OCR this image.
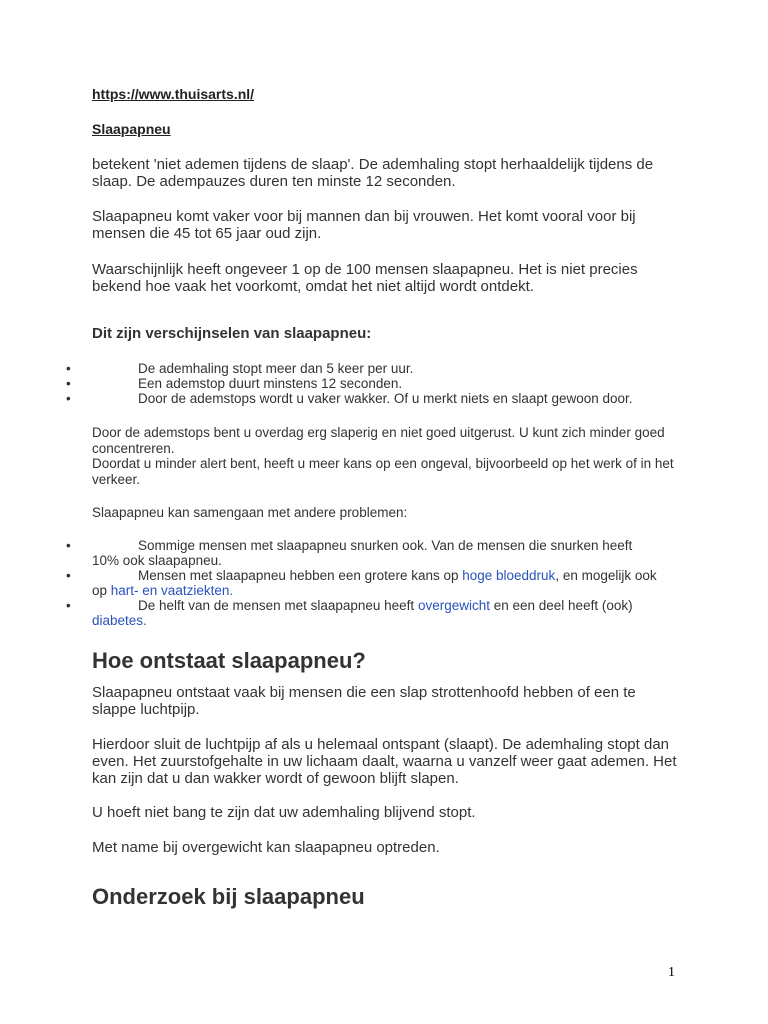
https://www.thuisarts.nl/

Slaapapneu

betekent 'niet ademen tijdens de slaap'. De ademhaling stopt herhaaldelijk tijdens de slaap. De adempauzes duren ten minste 12 seconden.

Slaapapneu komt vaker voor bij mannen dan bij vrouwen. Het komt vooral voor bij mensen die 45 tot 65 jaar oud zijn.

Waarschijnlijk heeft ongeveer 1 op de 100 mensen slaapapneu. Het is niet precies bekend hoe vaak het voorkomt, omdat het niet altijd wordt ontdekt.

Dit zijn verschijnselen van slaapapneu:

•	De ademhaling stopt meer dan 5 keer per uur.
•	Een ademstop duurt minstens 12 seconden.
•	Door de ademstops wordt u vaker wakker. Of u merkt niets en slaapt gewoon door.

Door de ademstops bent u overdag erg slaperig en niet goed uitgerust. U kunt zich minder goed concentreren.

Doordat u minder alert bent, heeft u meer kans op een ongeval, bijvoorbeeld op het werk of in het verkeer.

Slaapapneu kan samengaan met andere problemen:

•	Sommige mensen met slaapapneu snurken ook. Van de mensen die snurken heeft 10% ook slaapapneu.
•	Mensen met slaapapneu hebben een grotere kans op hoge bloeddruk, en mogelijk ook op hart- en vaatziekten.
•	De helft van de mensen met slaapapneu heeft overgewicht en een deel heeft (ook) diabetes.

Hoe ontstaat slaapapneu?

Slaapapneu ontstaat vaak bij mensen die een slap strottenhoofd hebben of een te slappe luchtpijp.

Hierdoor sluit de luchtpijp af als u helemaal ontspant (slaapt). De ademhaling stopt dan even. Het zuurstofgehalte in uw lichaam daalt, waarna u vanzelf weer gaat ademen. Het kan zijn dat u dan wakker wordt of gewoon blijft slapen.

U hoeft niet bang te zijn dat uw ademhaling blijvend stopt.

Met name bij overgewicht kan slaapapneu optreden.

Onderzoek bij slaapapneu

1
